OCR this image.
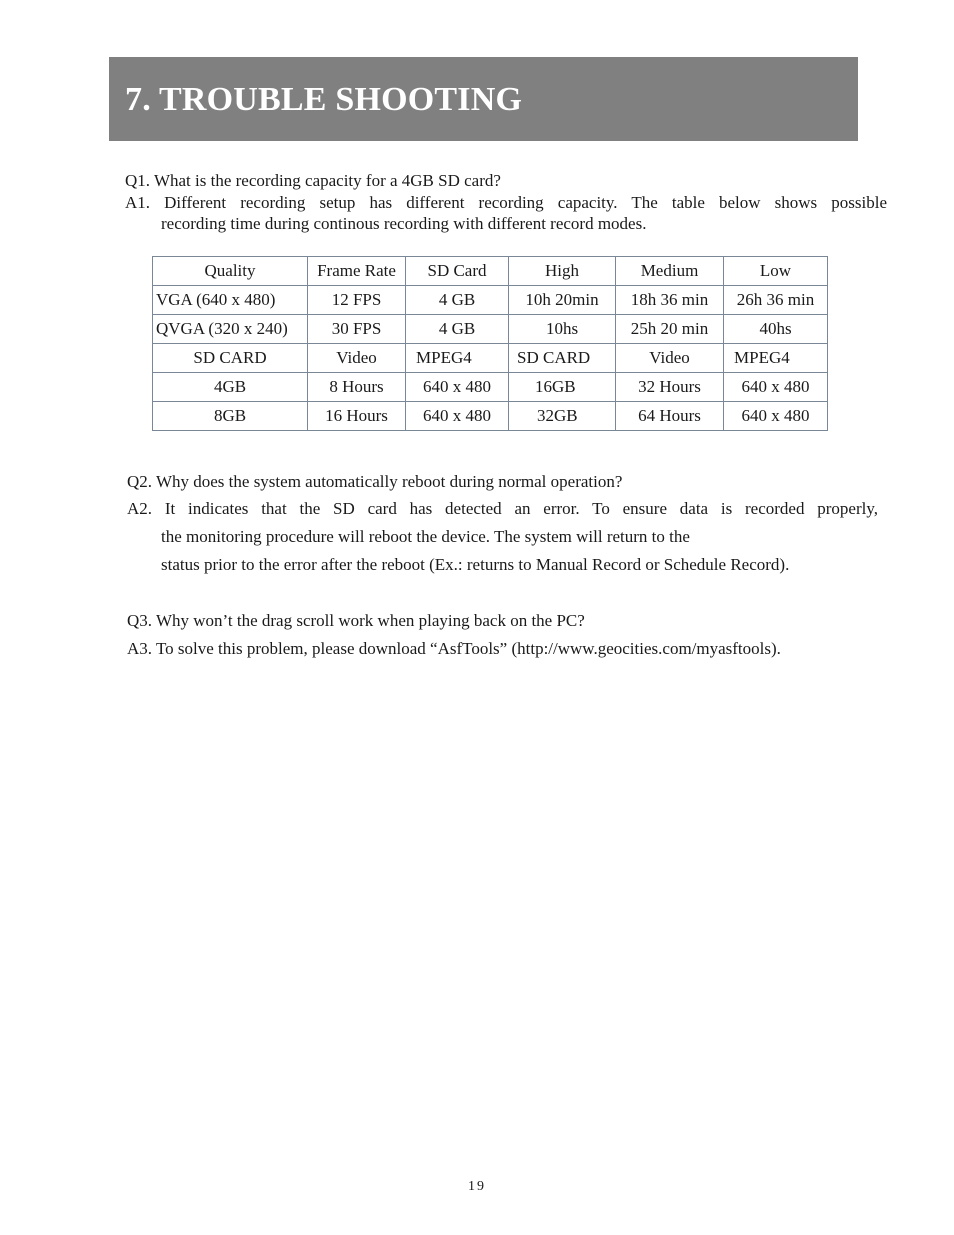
7. TROUBLE SHOOTING
Q1. What is the recording capacity for a 4GB SD card?
A1. Different recording setup has different recording capacity. The table below shows possible
recording time during continous recording with different record modes.
Quality	Frame Rate	SD Card	High	Medium	Low
VGA (640 x 480)	12 FPS	4 GB	10h 20min	18h 36 min	26h 36 min
QVGA (320 x 240)	30 FPS	4 GB	10hs	25h 20 min	40hs
SD CARD	Video	MPEG4	SD CARD	Video	MPEG4
4GB	8 Hours	640 x 480	16GB	32 Hours	640 x 480
8GB	16 Hours	640 x 480	32GB	64 Hours	640 x 480
Q2. Why does the system automatically reboot during normal operation?
A2. It indicates that the SD card has detected an error. To ensure data is recorded properly,
the monitoring procedure will reboot the device. The system will return to the
status prior to the error after the reboot (Ex.: returns to Manual Record or Schedule Record).
Q3. Why won’t the drag scroll work when playing back on the PC?
A3. To solve this problem, please download “AsfTools” (http://www.geocities.com/myasftools).
19
